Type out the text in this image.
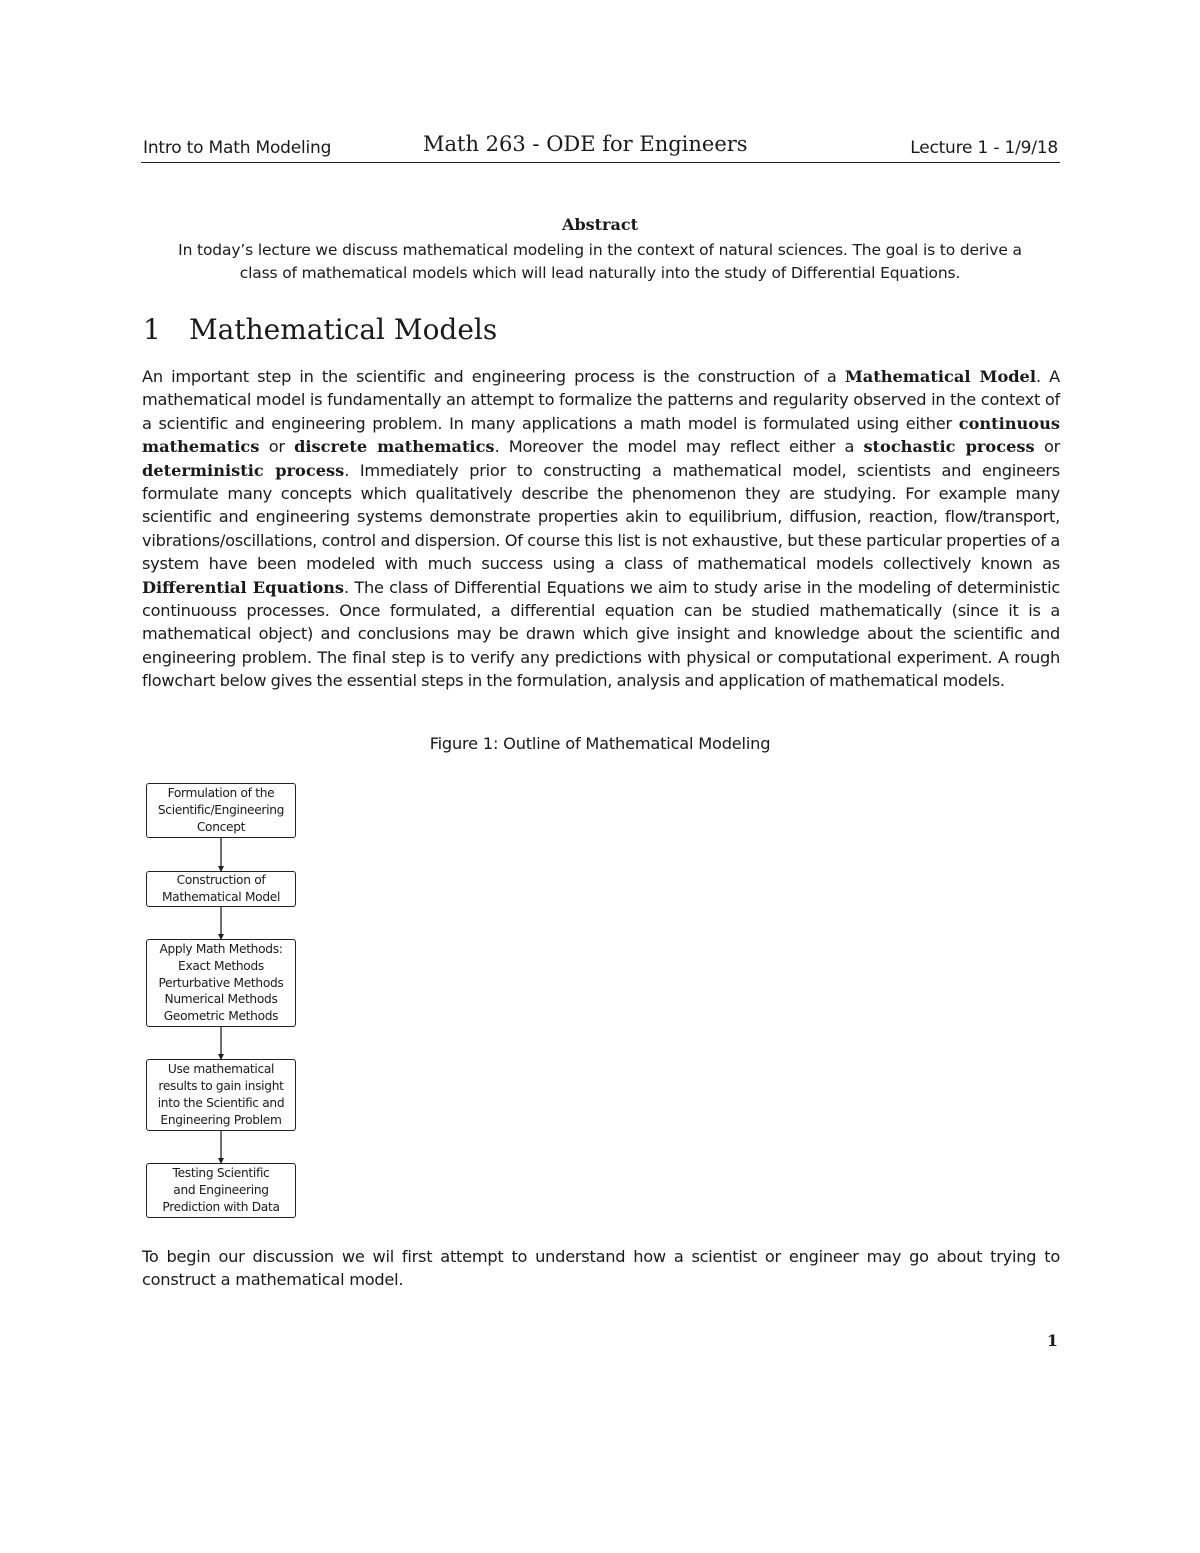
Intro to Math Modeling	Math 263 - ODE for Engineers	Lecture 1 - 1/9/18
Abstract
In today’s lecture we discuss mathematical modeling in the context of natural sciences. The goal is to derive a class of mathematical models which will lead naturally into the study of Differential Equations.
1 Mathematical Models
An important step in the scientific and engineering process is the construction of a Mathematical Model. A mathematical model is fundamentally an attempt to formalize the patterns and regularity observed in the context of a scientific and engineering problem. In many applications a math model is formulated using either continuous mathematics or discrete mathematics. Moreover the model may reflect either a stochastic process or deterministic process. Immediately prior to constructing a mathematical model, scientists and engineers formulate many concepts which qualitatively describe the phenomenon they are studying. For example many scientific and engineering systems demonstrate properties akin to equilibrium, diffusion, reaction, flow/transport, vibrations/oscillations, control and dispersion. Of course this list is not exhaustive, but these particular properties of a system have been modeled with much success using a class of mathematical models collectively known as Differential Equations. The class of Differential Equations we aim to study arise in the modeling of deterministic continuouss processes. Once formulated, a differential equation can be studied mathematically (since it is a mathematical object) and conclusions may be drawn which give insight and knowledge about the scientific and engineering problem. The final step is to verify any predictions with physical or computational experiment. A rough flowchart below gives the essential steps in the formulation, analysis and application of mathematical models.
Figure 1: Outline of Mathematical Modeling
Formulation of the
Scientific/Engineering
Concept
Construction of
Mathematical Model
Apply Math Methods:
Exact Methods
Perturbative Methods
Numerical Methods
Geometric Methods
Use mathematical
results to gain insight
into the Scientific and
Engineering Problem
Testing Scientific
and Engineering
Prediction with Data
To begin our discussion we wil first attempt to understand how a scientist or engineer may go about trying to construct a mathematical model.
1
